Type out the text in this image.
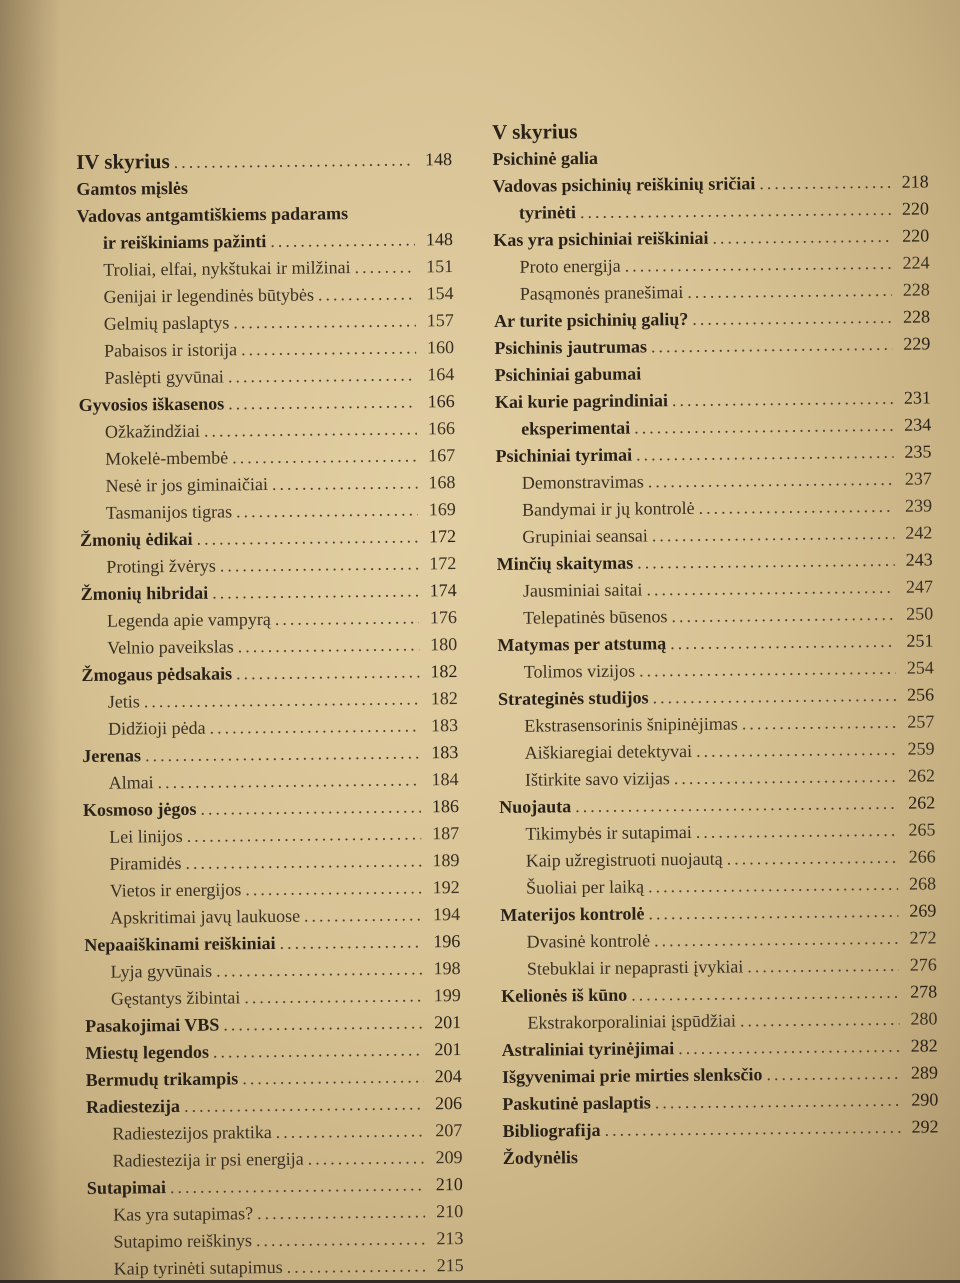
IV skyrius .....	148
Gamtos mįslės
Vadovas antgamtiškiems padarams
ir reiškiniams pažinti .....	148
Troliai, elfai, nykštukai ir milžinai .....	151
Genijai ir legendinės būtybės .....	154
Gelmių paslaptys .....	157
Pabaisos ir istorija .....	160
Paslėpti gyvūnai .....	164
Gyvosios iškasenos .....	166
Ožkažindžiai .....	166
Mokelė-mbembė .....	167
Nesė ir jos giminaičiai .....	168
Tasmanijos tigras .....	169
Žmonių ėdikai .....	172
Protingi žvėrys .....	172
Žmonių hibridai .....	174
Legenda apie vampyrą .....	176
Velnio paveikslas .....	180
Žmogaus pėdsakais .....	182
Jetis .....	182
Didžioji pėda .....	183
Jerenas .....	183
Almai .....	184
Kosmoso jėgos .....	186
Lei linijos .....	187
Piramidės .....	189
Vietos ir energijos .....	192
Apskritimai javų laukuose .....	194
Nepaaiškinami reiškiniai .....	196
Lyja gyvūnais .....	198
Gęstantys žibintai .....	199
Pasakojimai VBS .....	201
Miestų legendos .....	201
Bermudų trikampis .....	204
Radiestezija .....	206
Radiestezijos praktika .....	207
Radiestezija ir psi energija .....	209
Sutapimai .....	210
Kas yra sutapimas? .....	210
Sutapimo reiškinys .....	213
Kaip tyrinėti sutapimus .....	215
V skyrius
Psichinė galia
Vadovas psichinių reiškinių sričiai .....	218
tyrinėti .....	220
Kas yra psichiniai reiškiniai .....	220
Proto energija .....	224
Pasąmonės pranešimai .....	228
Ar turite psichinių galių? .....	228
Psichinis jautrumas .....	229
Psichiniai gabumai
Kai kurie pagrindiniai .....	231
eksperimentai .....	234
Psichiniai tyrimai .....	235
Demonstravimas .....	237
Bandymai ir jų kontrolė .....	239
Grupiniai seansai .....	242
Minčių skaitymas .....	243
Jausminiai saitai .....	247
Telepatinės būsenos .....	250
Matymas per atstumą .....	251
Tolimos vizijos .....	254
Strateginės studijos .....	256
Ekstrasensorinis šnipinėjimas .....	257
Aiškiaregiai detektyvai .....	259
Ištirkite savo vizijas .....	262
Nuojauta .....	262
Tikimybės ir sutapimai .....	265
Kaip užregistruoti nuojautą .....	266
Šuoliai per laiką .....	268
Materijos kontrolė .....	269
Dvasinė kontrolė .....	272
Stebuklai ir nepaprasti įvykiai .....	276
Kelionės iš kūno .....	278
Ekstrakorporaliniai įspūdžiai .....	280
Astraliniai tyrinėjimai .....	282
Išgyvenimai prie mirties slenksčio .....	289
Paskutinė paslaptis .....	290
Bibliografija .....	292
Žodynėlis
